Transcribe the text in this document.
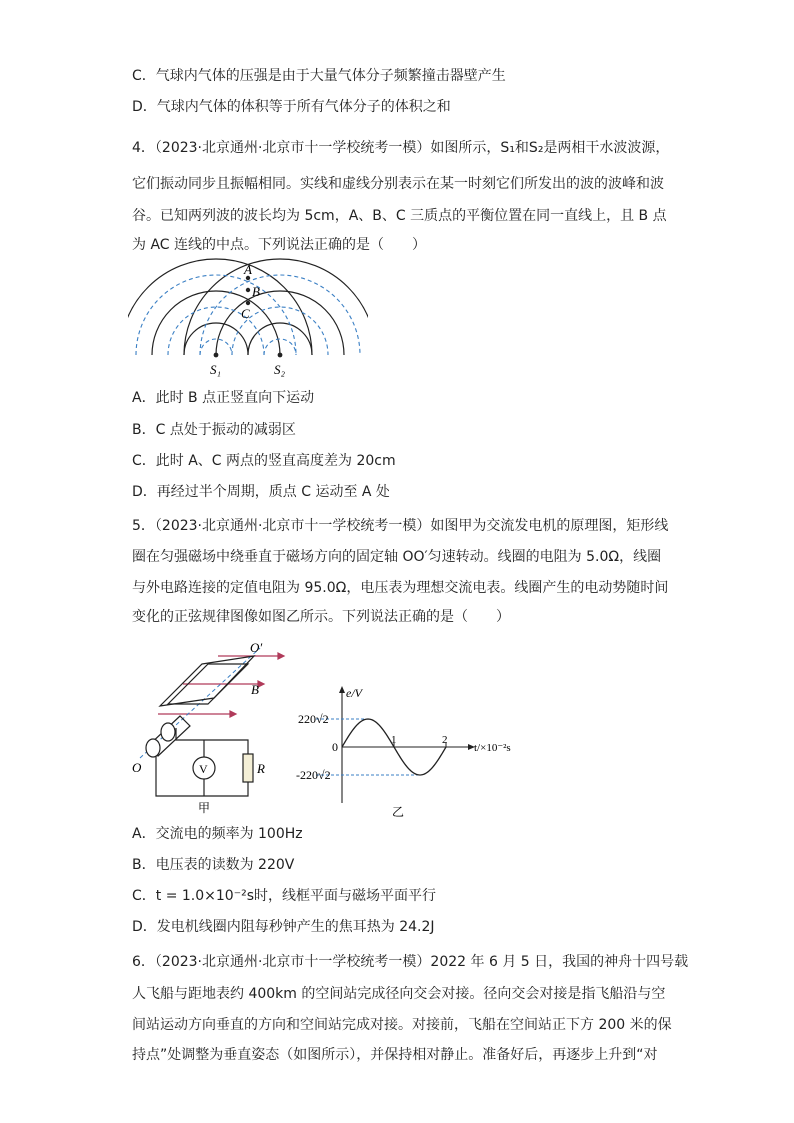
C．气球内气体的压强是由于大量气体分子频繁撞击器壁产生
D．气球内气体的体积等于所有气体分子的体积之和
4．（2023·北京通州·北京市十一学校统考一模）如图所示，S₁和S₂是两相干水波波源，
它们振动同步且振幅相同。实线和虚线分别表示在某一时刻它们所发出的波的波峰和波
谷。已知两列波的波长均为 5cm，A、B、C 三质点的平衡位置在同一直线上，且 B 点
为 AC 连线的中点。下列说法正确的是（　　）
A
B
C
S₁	S₂
A．此时 B 点正竖直向下运动
B．C 点处于振动的减弱区
C．此时 A、C 两点的竖直高度差为 20cm
D．再经过半个周期，质点 C 运动至 A 处
5．（2023·北京通州·北京市十一学校统考一模）如图甲为交流发电机的原理图，矩形线
圈在匀强磁场中绕垂直于磁场方向的固定轴 OO′匀速转动。线圈的电阻为 5.0Ω，线圈
与外电路连接的定值电阻为 95.0Ω，电压表为理想交流电表。线圈产生的电动势随时间
变化的正弦规律图像如图乙所示。下列说法正确的是（　　）
V	R
O
O′
B
甲
e/V
220√2
0
-220√2
1	2
t/×10⁻²s
乙
A．交流电的频率为 100Hz
B．电压表的读数为 220V
C．t = 1.0×10⁻²s时，线框平面与磁场平面平行
D．发电机线圈内阻每秒钟产生的焦耳热为 24.2J
6．（2023·北京通州·北京市十一学校统考一模）2022 年 6 月 5 日，我国的神舟十四号载
人飞船与距地表约 400km 的空间站完成径向交会对接。径向交会对接是指飞船沿与空
间站运动方向垂直的方向和空间站完成对接。对接前，飞船在空间站正下方 200 米的保
持点”处调整为垂直姿态（如图所示），并保持相对静止。准备好后，再逐步上升到“对
